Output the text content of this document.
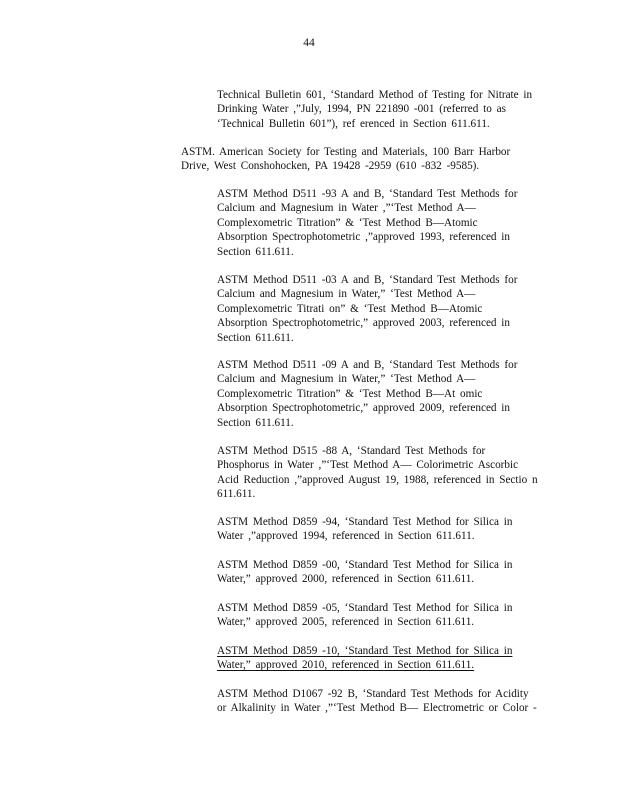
44

Technical Bulletin 601, ‘Standard Method of Testing for Nitrate in
Drinking Water ,”July, 1994, PN 221890 -001 (referred to as
‘Technical Bulletin 601”), ref erenced in Section 611.611.

ASTM. American Society for Testing and Materials, 100 Barr Harbor
Drive, West Conshohocken, PA 19428 -2959 (610 -832 -9585).

ASTM Method D511 -93 A and B, ‘Standard Test Methods for
Calcium and Magnesium in Water ,”‘Test Method A—
Complexometric Titration” & ‘Test Method B—Atomic
Absorption Spectrophotometric ,”approved 1993, referenced in
Section 611.611.

ASTM Method D511 -03 A and B, ‘Standard Test Methods for
Calcium and Magnesium in Water,” ‘Test Method A—
Complexometric Titrati on” & ‘Test Method B—Atomic
Absorption Spectrophotometric,” approved 2003, referenced in
Section 611.611.

ASTM Method D511 -09 A and B, ‘Standard Test Methods for
Calcium and Magnesium in Water,” ‘Test Method A—
Complexometric Titration” & ‘Test Method B—At omic
Absorption Spectrophotometric,” approved 2009, referenced in
Section 611.611.

ASTM Method D515 -88 A, ‘Standard Test Methods for
Phosphorus in Water ,”‘Test Method A— Colorimetric Ascorbic
Acid Reduction ,”approved August 19, 1988, referenced in Sectio n
611.611.

ASTM Method D859 -94, ‘Standard Test Method for Silica in
Water ,”approved 1994, referenced in Section 611.611.

ASTM Method D859 -00, ‘Standard Test Method for Silica in
Water,” approved 2000, referenced in Section 611.611.

ASTM Method D859 -05, ‘Standard Test Method for Silica in
Water,” approved 2005, referenced in Section 611.611.

ASTM Method D859 -10, ‘Standard Test Method for Silica in
Water,” approved 2010, referenced in Section 611.611.

ASTM Method D1067 -92 B, ‘Standard Test Methods for Acidity
or Alkalinity in Water ,”‘Test Method B— Electrometric or Color -
